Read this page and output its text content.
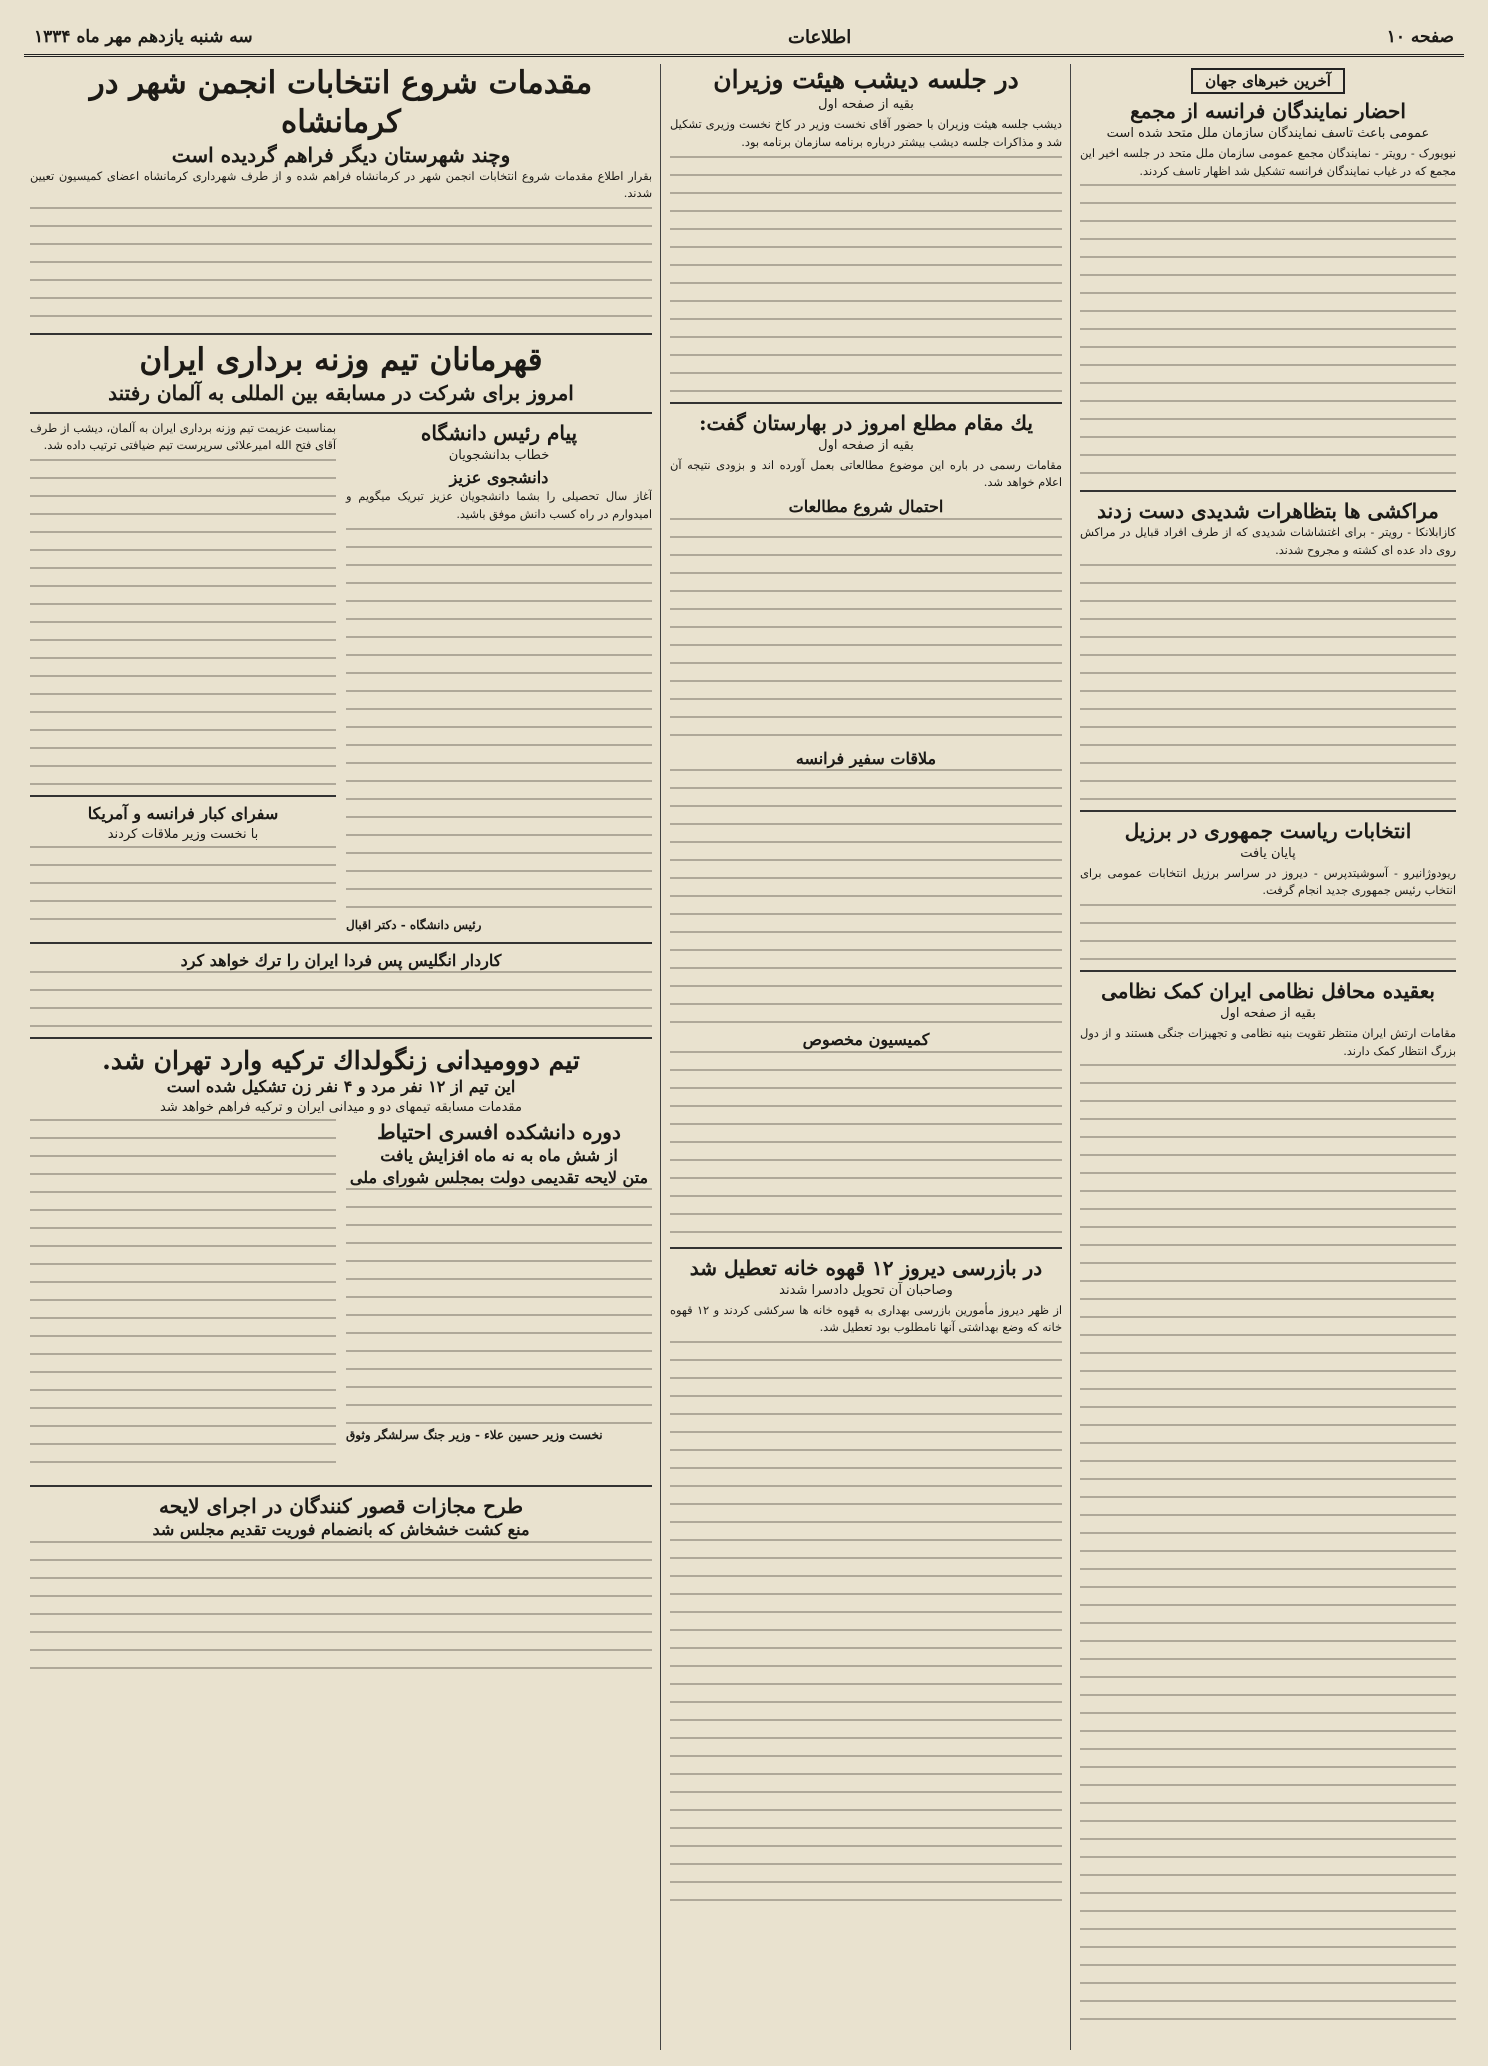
صفحه ۱۰
اطلاعات
سه شنبه یازدهم مهر ماه ۱۳۳۴
آخرین خبرهای جهان
احضار نمایندگان فرانسه از مجمع
عمومی باعث تاسف نمایندگان سازمان ملل متحد شده است

نیویورک - رویتر - نمایندگان مجمع عمومی سازمان ملل متحد در جلسه اخیر این مجمع که در غیاب نمایندگان فرانسه تشکیل شد اظهار تاسف کردند.

مراکشی ها بتظاهرات شدیدی دست زدند

کازابلانکا - رویتر - برای اغتشاشات شدیدی که از طرف افراد قبایل در مراکش روی داد عده ای کشته و مجروح شدند.

انتخابات ریاست جمهوری در برزیل
پایان یافت

ریودوژانیرو - آسوشیتدپرس - دیروز در سراسر برزیل انتخابات عمومی برای انتخاب رئیس جمهوری جدید انجام گرفت.

بعقیده محافل نظامی ایران کمک نظامی
بقیه از صفحه اول

مقامات ارتش ایران منتظر تقویت بنیه نظامی و تجهیزات جنگی هستند و از دول بزرگ انتظار کمک دارند.

در جلسه دیشب هیئت وزیران
بقیه از صفحه اول

دیشب جلسه هیئت وزیران با حضور آقای نخست وزیر در کاخ نخست وزیری تشکیل شد و مذاکرات جلسه دیشب بیشتر درباره برنامه سازمان برنامه بود.

یك مقام مطلع امروز در بهارستان گفت:
بقیه از صفحه اول

مقامات رسمی در باره این موضوع مطالعاتی بعمل آورده اند و بزودی نتیجه آن اعلام خواهد شد.

احتمال شروع مطالعات
ملاقات سفیر فرانسه
کمیسیون مخصوص
در بازرسی دیروز ۱۲ قهوه خانه تعطیل شد
وصاحبان آن تحویل دادسرا شدند

از ظهر دیروز مأمورین بازرسی بهداری به قهوه خانه ها سرکشی کردند و ۱۲ قهوه خانه که وضع بهداشتی آنها نامطلوب بود تعطیل شد.

مقدمات شروع انتخابات انجمن شهر در کرمانشاه
وچند شهرستان دیگر فراهم گردیده است

بقرار اطلاع مقدمات شروع انتخابات انجمن شهر در کرمانشاه فراهم شده و از طرف شهرداری کرمانشاه اعضای کمیسیون تعیین شدند.

قهرمانان تیم وزنه برداری ایران
امروز برای شرکت در مسابقه بین المللی به آلمان رفتند
پیام رئیس دانشگاه
خطاب بدانشجویان
دانشجوی عزیز

آغاز سال تحصیلی را بشما دانشجویان عزیز تبریک میگویم و امیدوارم در راه کسب دانش موفق باشید.

رئیس دانشگاه - دکتر اقبال

بمناسبت عزیمت تیم وزنه برداری ایران به آلمان، دیشب از طرف آقای فتح الله امیرعلائی سرپرست تیم ضیافتی ترتیب داده شد.

سفرای کبار فرانسه و آمریکا
با نخست وزیر ملاقات کردند
کاردار انگلیس پس فردا ایران را ترك خواهد كرد
تیم دوومیدانی زنگولداك تركیه وارد تهران شد.
این تیم از ۱۲ نفر مرد و ۴ نفر زن تشكیل شده است
مقدمات مسابقه تیمهای دو و میدانی ایران و تركیه فراهم خواهد شد
دوره دانشکده افسری احتیاط
از شش ماه به نه ماه افزایش یافت
متن لایحه تقدیمی دولت بمجلس شورای ملی
نخست وزیر حسین علاء - وزیر جنگ سرلشگر وثوق
طرح مجازات قصور کنندگان در اجرای لایحه
منع کشت خشخاش که بانضمام فوریت تقدیم مجلس شد
